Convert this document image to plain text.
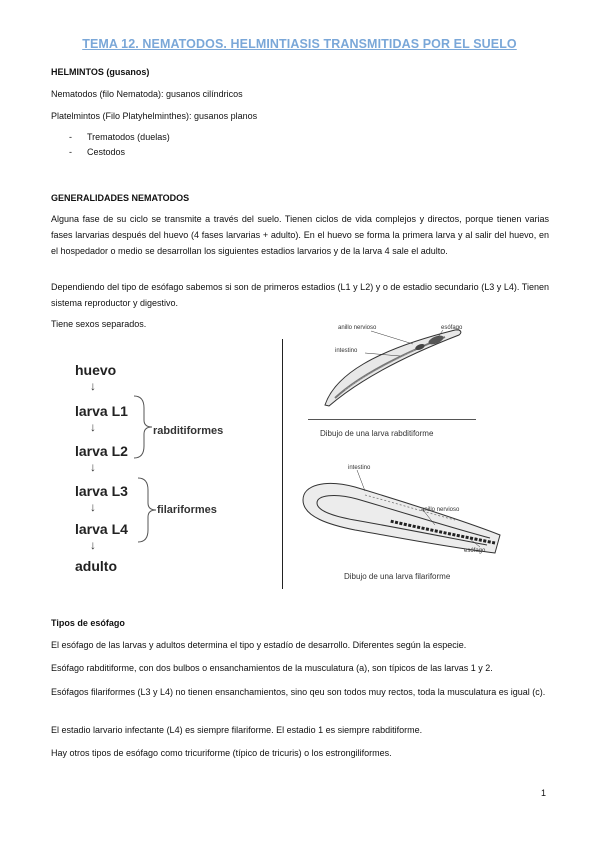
TEMA 12. NEMATODOS. HELMINTIASIS TRANSMITIDAS POR EL SUELO
HELMINTOS (gusanos)
Nematodos (filo Nematoda): gusanos cilíndricos
Platelmintos (Filo Platyhelminthes): gusanos planos
- Trematodos (duelas)
- Cestodos
GENERALIDADES NEMATODOS
Alguna fase de su ciclo se transmite a través del suelo. Tienen ciclos de vida complejos y directos, porque tienen varias fases larvarias después del huevo (4 fases larvarias + adulto). En el huevo se forma la primera larva y al salir del huevo, en el hospedador o medio se desarrollan los siguientes estadios larvarios y de la larva 4 sale el adulto.
Dependiendo del tipo de esófago sabemos si son de primeros estadios (L1 y L2) y o de estadio secundario (L3 y L4). Tienen sistema reproductor y digestivo.
Tiene sexos separados.
huevo
↓
larva L1
↓
larva L2
↓
larva L3
↓
larva L4
↓
adulto
rabditiformes
filariformes
anillo nervioso	esófago
intestino
Dibujo de una larva rabditiforme
intestino
anillo nervioso
esófago
Dibujo de una larva filariforme
Tipos de esófago
El esófago de las larvas y adultos determina el tipo y estadío de desarrollo. Diferentes según la especie.
Esófago rabditiforme, con dos bulbos o ensanchamientos de la musculatura (a), son típicos de las larvas 1 y 2.
Esófagos filariformes (L3 y L4) no tienen ensanchamientos, sino qeu son todos muy rectos, toda la musculatura es igual (c).
El estadio larvario infectante (L4) es siempre filariforme. El estadio 1 es siempre rabditiforme.
Hay otros tipos de esófago como tricuriforme (típico de tricuris) o los estrongiliformes.
1
